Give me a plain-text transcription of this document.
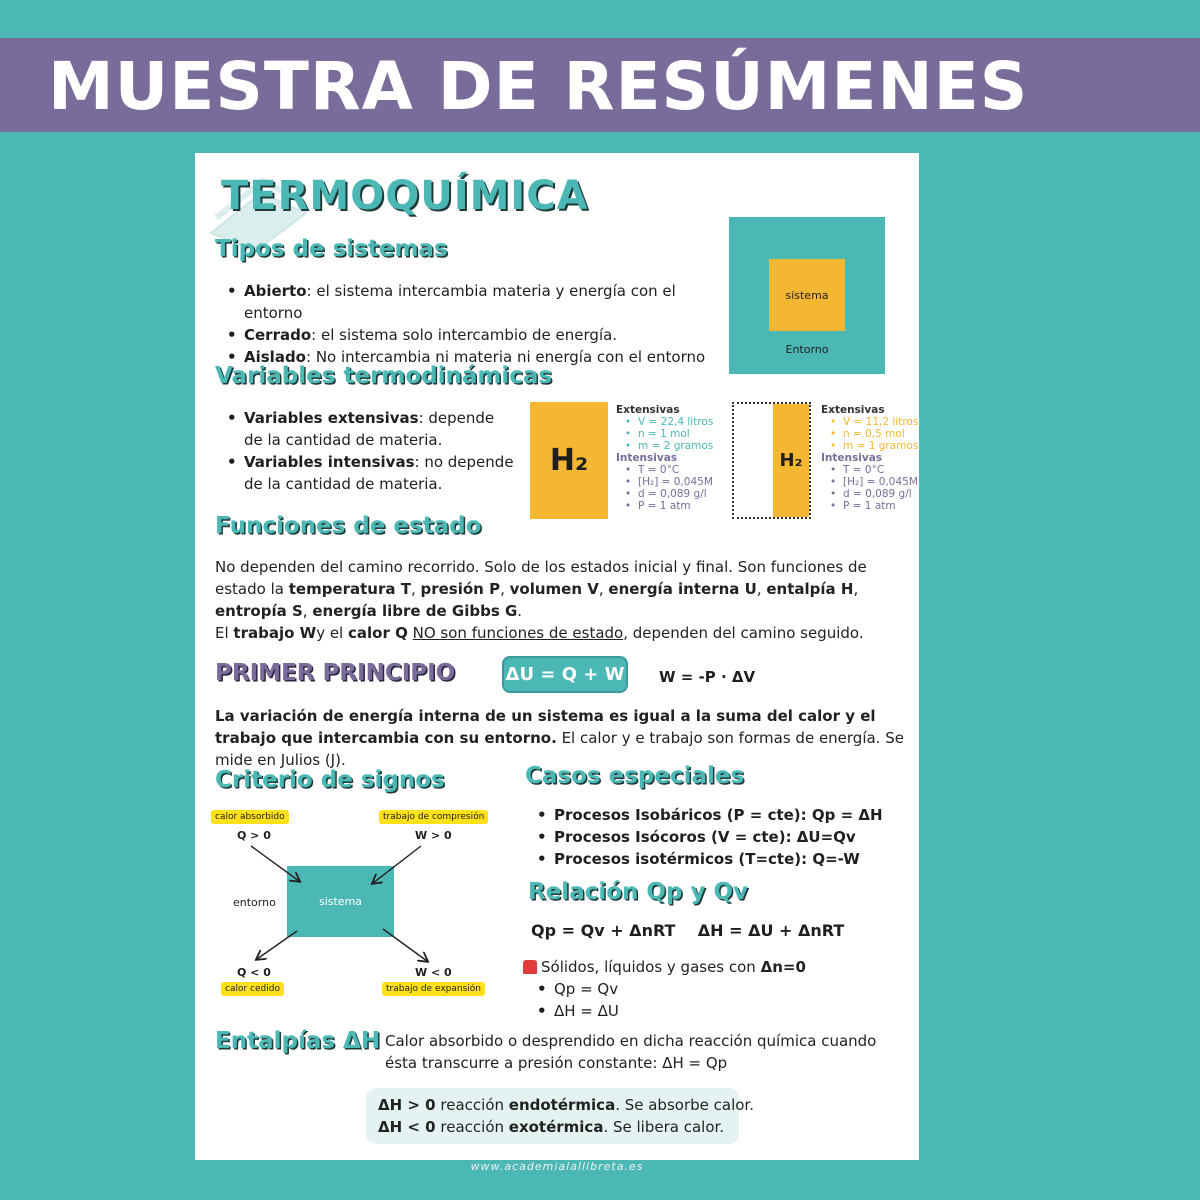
MUESTRA DE RESÚMENES
TERMOQUÍMICA
Tipos de sistemas
• Abierto: el sistema intercambia materia y energía con el entorno
• Cerrado: el sistema solo intercambio de energía.
• Aislado: No intercambia ni materia ni energía con el entorno
sistema
Entorno
Variables termodinámicas
• Variables extensivas: depende de la cantidad de materia.
• Variables intensivas: no depende de la cantidad de materia.
H₂
Extensivas
• V = 22,4 litros
• n = 1 mol
• m = 2 gramos
Intensivas
• T = 0°C
• [H₂] = 0,045M
• d = 0,089 g/l
• P = 1 atm
H₂
Extensivas
• V = 11,2 litros
• n = 0,5 mol
• m = 1 gramos
Intensivas
• T = 0°C
• [H₂] = 0,045M
• d = 0,089 g/l
• P = 1 atm
Funciones de estado

No dependen del camino recorrido. Solo de los estados inicial y final. Son funciones de estado la temperatura T, presión P, volumen V, energía interna U, entalpía H, entropía S, energía libre de Gibbs G.
El trabajo Wy el calor Q NO son funciones de estado, dependen del camino seguido.

PRIMER PRINCIPIO	ΔU = Q + W W = -P · ΔV

La variación de energía interna de un sistema es igual a la suma del calor y el trabajo que intercambia con su entorno. El calor y e trabajo son formas de energía. Se mide en Julios (J).

Criterio de signos
calor absorbido
Q > 0
trabajo de compresión
W > 0
entorno	sistema
Q < 0
calor cedido
W < 0
trabajo de expansión
Casos especiales
• Procesos Isobáricos (P = cte): Qp = ΔH
• Procesos Isócoros (V = cte): ΔU=Qv
• Procesos isotérmicos (T=cte): Q=-W
Relación Qp y Qv
Qp = Qv + ΔnRT    ΔH = ΔU + ΔnRT
Sólidos, líquidos y gases con Δn=0
• Qp = Qv
• ΔH = ΔU
Entalpías ΔH Calor absorbido o desprendido en dicha reacción química cuando ésta transcurre a presión constante: ΔH = Qp

ΔH > 0 reacción endotérmica. Se absorbe calor.

ΔH < 0 reacción exotérmica. Se libera calor.

www.academialallibreta.es
